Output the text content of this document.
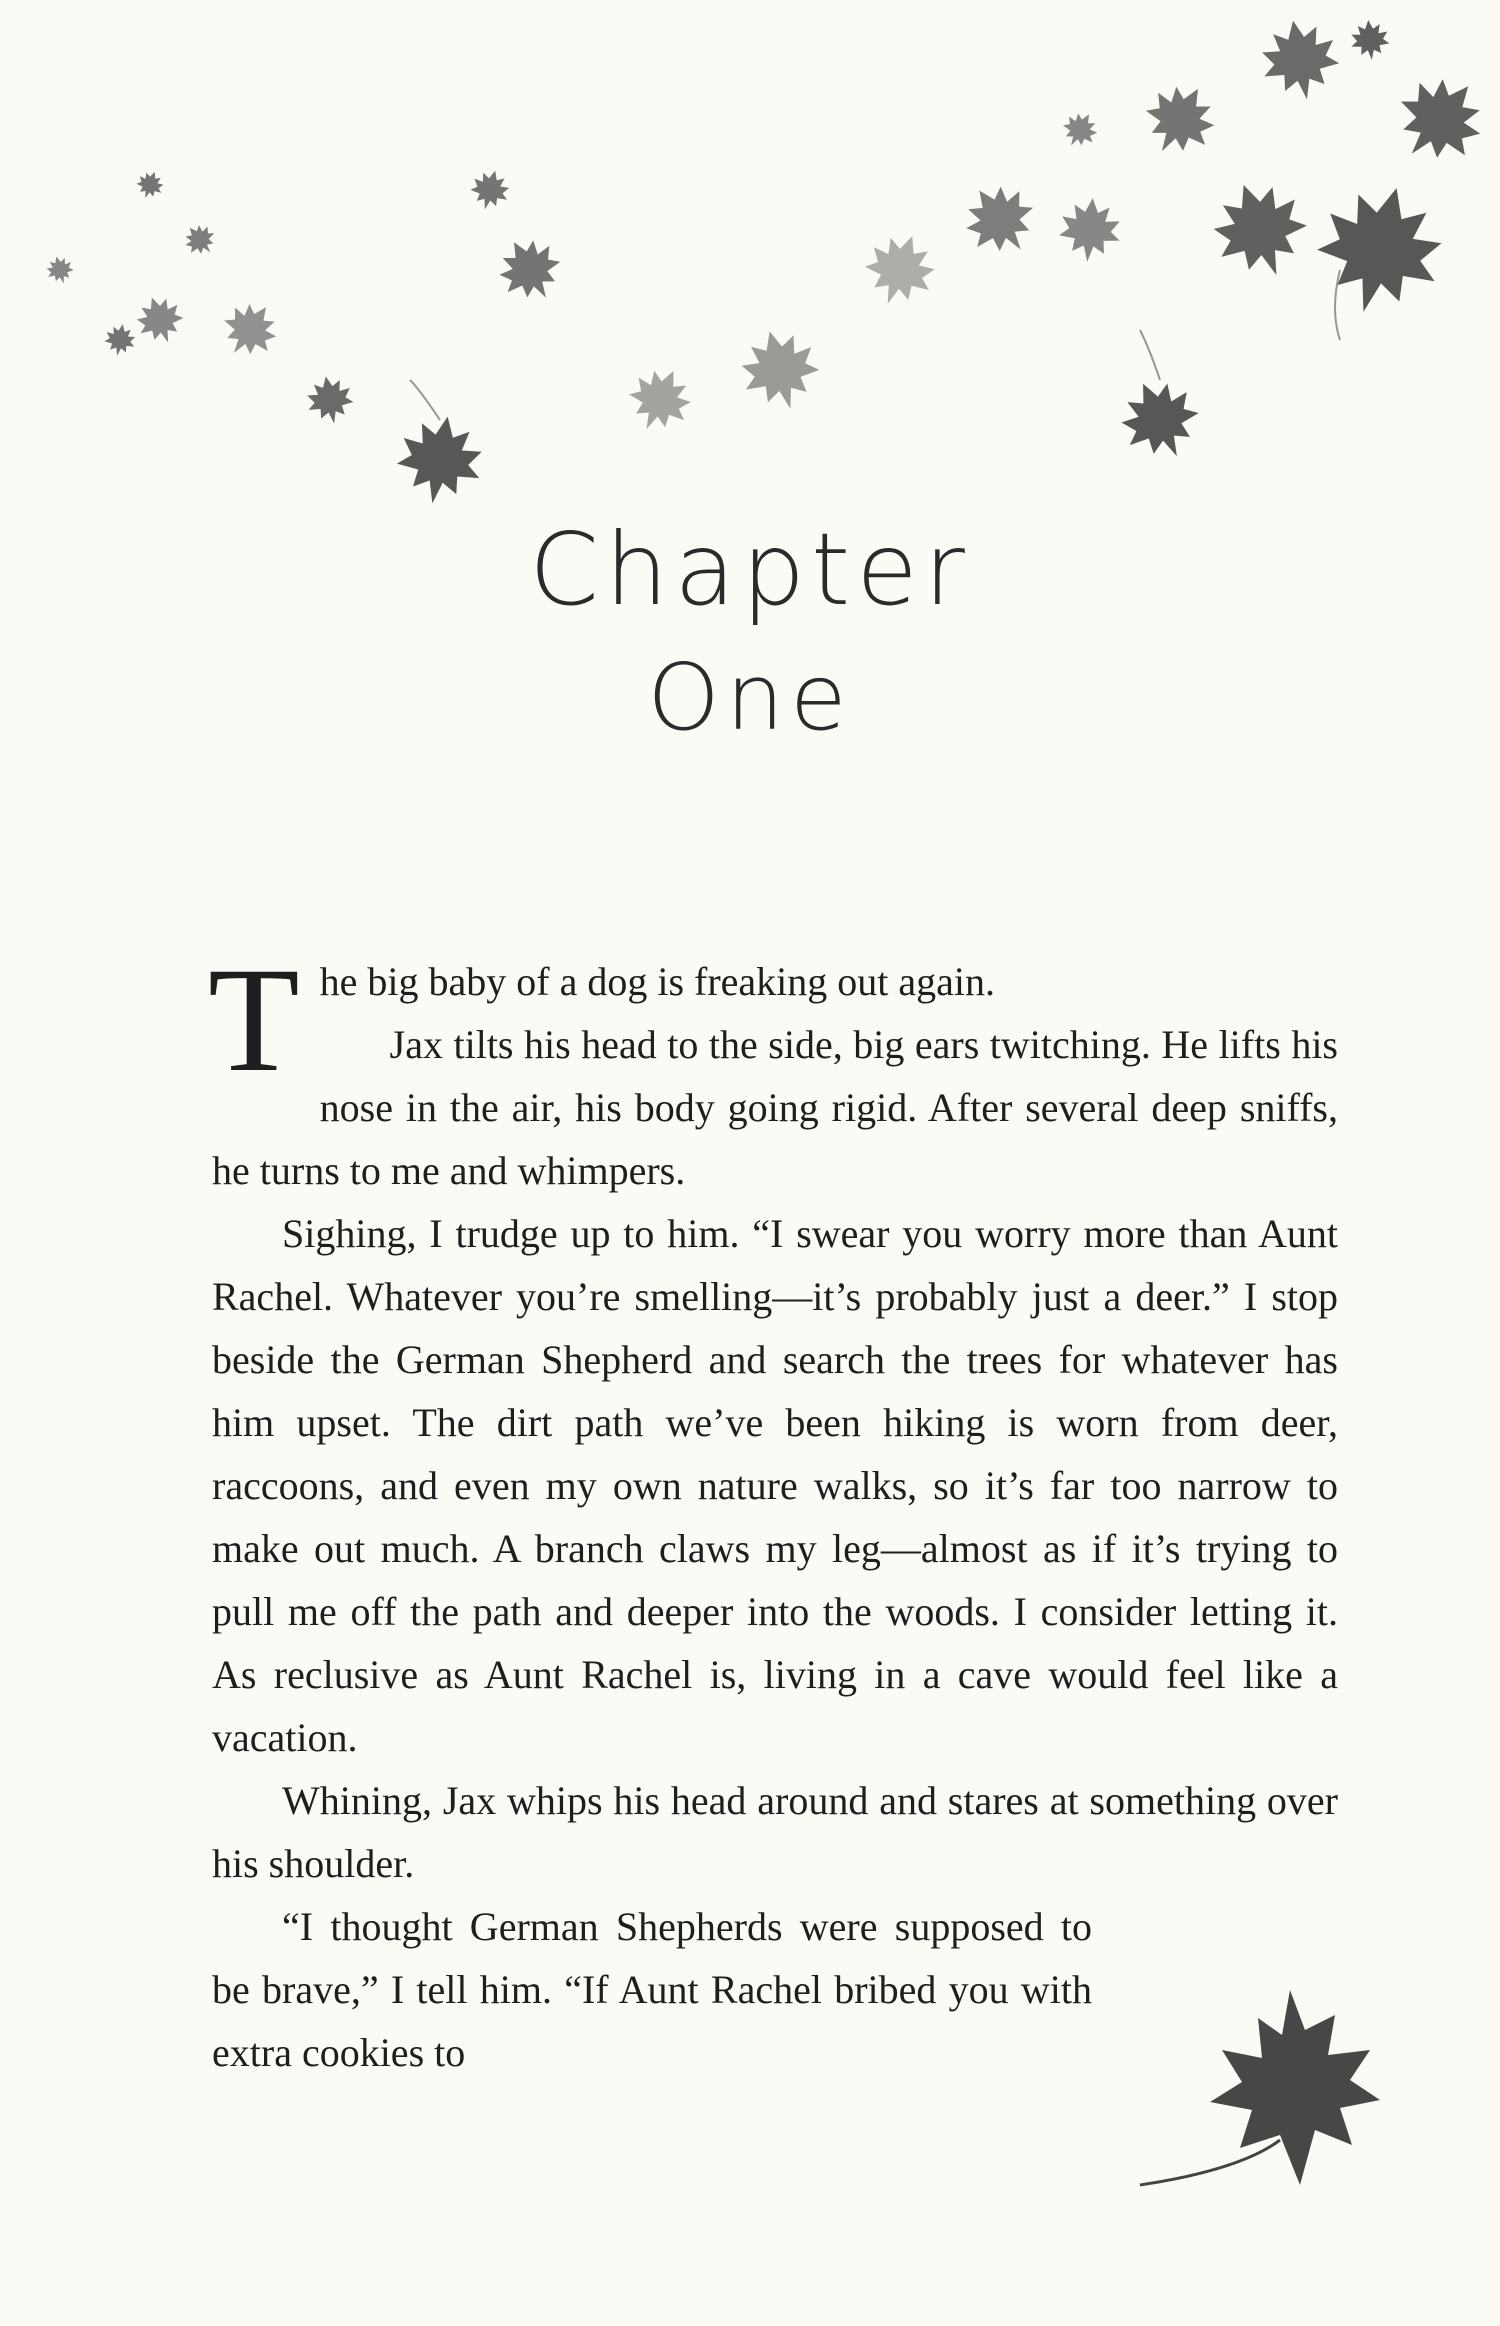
Chapter
One

The big baby of a dog is freaking out again.

Jax tilts his head to the side, big ears twitching. He lifts his nose in the air, his body going rigid. After several deep sniffs, he turns to me and whimpers.

Sighing, I trudge up to him. “I swear you worry more than Aunt Rachel. Whatever you’re smelling—it’s probably just a deer.” I stop beside the German Shepherd and search the trees for whatever has him upset. The dirt path we’ve been hiking is worn from deer, raccoons, and even my own nature walks, so it’s far too narrow to make out much. A branch claws my leg—almost as if it’s trying to pull me off the path and deeper into the woods. I consider letting it. As reclusive as Aunt Rachel is, living in a cave would feel like a vacation.

Whining, Jax whips his head around and stares at something over his shoulder.

“I thought German Shepherds were supposed to be brave,” I tell him. “If Aunt Rachel bribed you with extra cookies to
